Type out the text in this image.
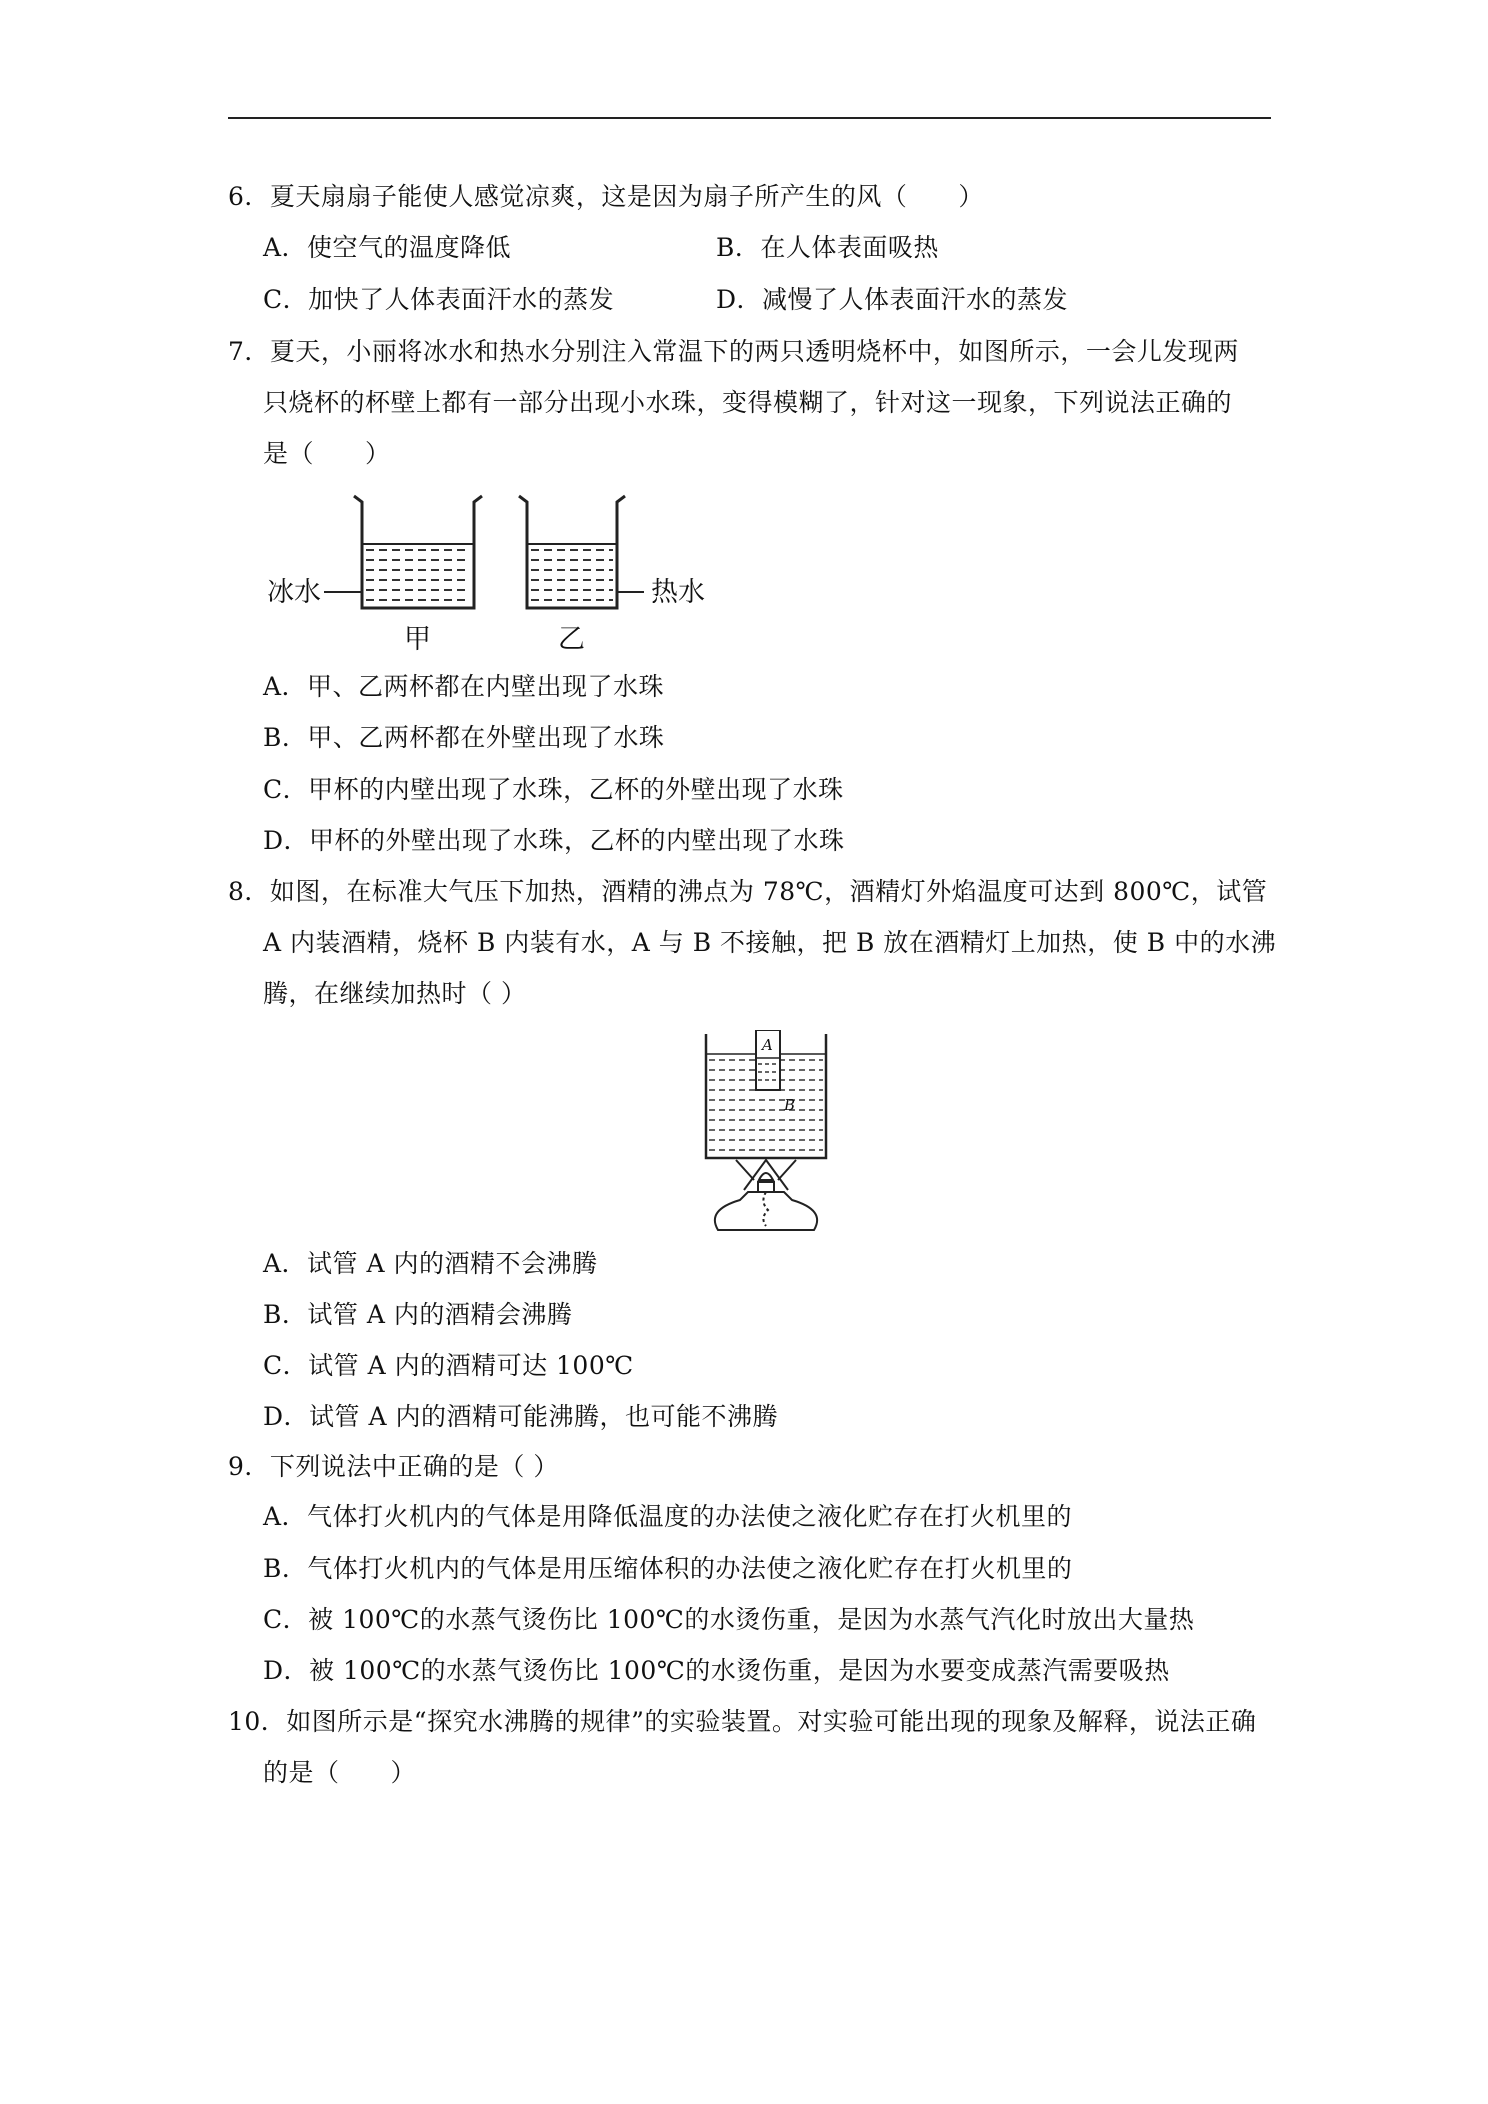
6．夏天扇扇子能使人感觉凉爽，这是因为扇子所产生的风（　　）
A．使空气的温度降低	B．在人体表面吸热
C．加快了人体表面汗水的蒸发	D．减慢了人体表面汗水的蒸发
7．夏天，小丽将冰水和热水分别注入常温下的两只透明烧杯中，如图所示，一会儿发现两
只烧杯的杯壁上都有一部分出现小水珠，变得模糊了，针对这一现象，下列说法正确的
是（　　）
冰水
甲
热水
乙
A．甲、乙两杯都在内壁出现了水珠
B．甲、乙两杯都在外壁出现了水珠
C．甲杯的内壁出现了水珠，乙杯的外壁出现了水珠
D．甲杯的外壁出现了水珠，乙杯的内壁出现了水珠
8．如图，在标准大气压下加热，酒精的沸点为 78℃，酒精灯外焰温度可达到 800℃，试管
A 内装酒精，烧杯 B 内装有水，A 与 B 不接触，把 B 放在酒精灯上加热，使 B 中的水沸
腾，在继续加热时（ ）
A
B
A．试管 A 内的酒精不会沸腾
B．试管 A 内的酒精会沸腾
C．试管 A 内的酒精可达 100℃
D．试管 A 内的酒精可能沸腾，也可能不沸腾
9．下列说法中正确的是（ ）
A．气体打火机内的气体是用降低温度的办法使之液化贮存在打火机里的
B．气体打火机内的气体是用压缩体积的办法使之液化贮存在打火机里的
C．被 100℃的水蒸气烫伤比 100℃的水烫伤重，是因为水蒸气汽化时放出大量热
D．被 100℃的水蒸气烫伤比 100℃的水烫伤重，是因为水要变成蒸汽需要吸热
10．如图所示是“探究水沸腾的规律”的实验装置。对实验可能出现的现象及解释，说法正确
的是（　　）
